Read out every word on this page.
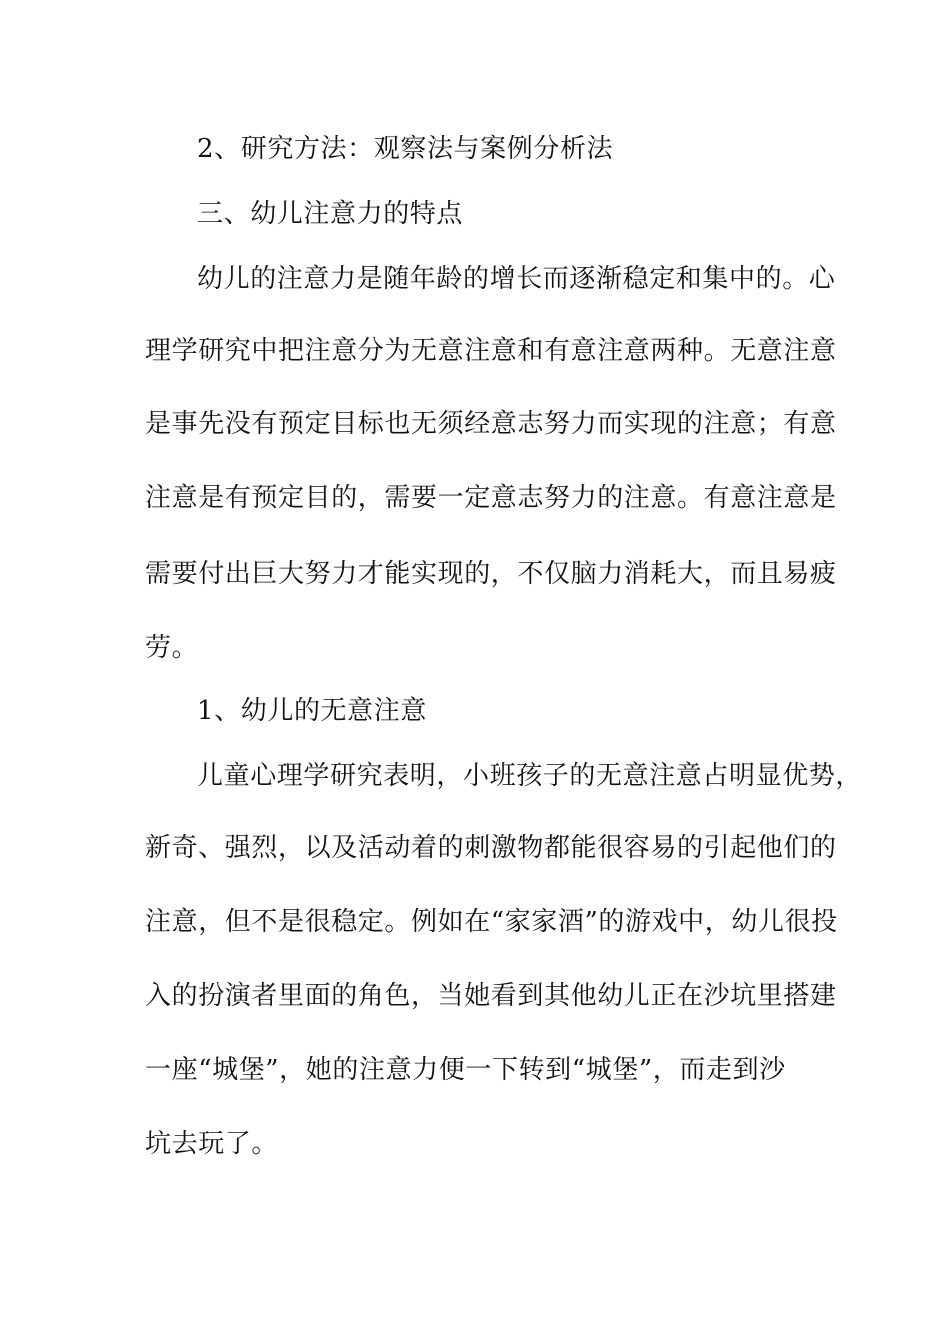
2、研究方法：观察法与案例分析法
三、幼儿注意力的特点
幼儿的注意力是随年龄的增长而逐渐稳定和集中的。心
理学研究中把注意分为无意注意和有意注意两种。无意注意
是事先没有预定目标也无须经意志努力而实现的注意；有意
注意是有预定目的，需要一定意志努力的注意。有意注意是
需要付出巨大努力才能实现的，不仅脑力消耗大，而且易疲
劳。
1、幼儿的无意注意
儿童心理学研究表明，小班孩子的无意注意占明显优势，
新奇、强烈，以及活动着的刺激物都能很容易的引起他们的
注意，但不是很稳定。例如在“家家酒”的游戏中，幼儿很投
入的扮演者里面的角色，当她看到其他幼儿正在沙坑里搭建
一座“城堡”，她的注意力便一下转到“城堡”，而走到沙
坑去玩了。
